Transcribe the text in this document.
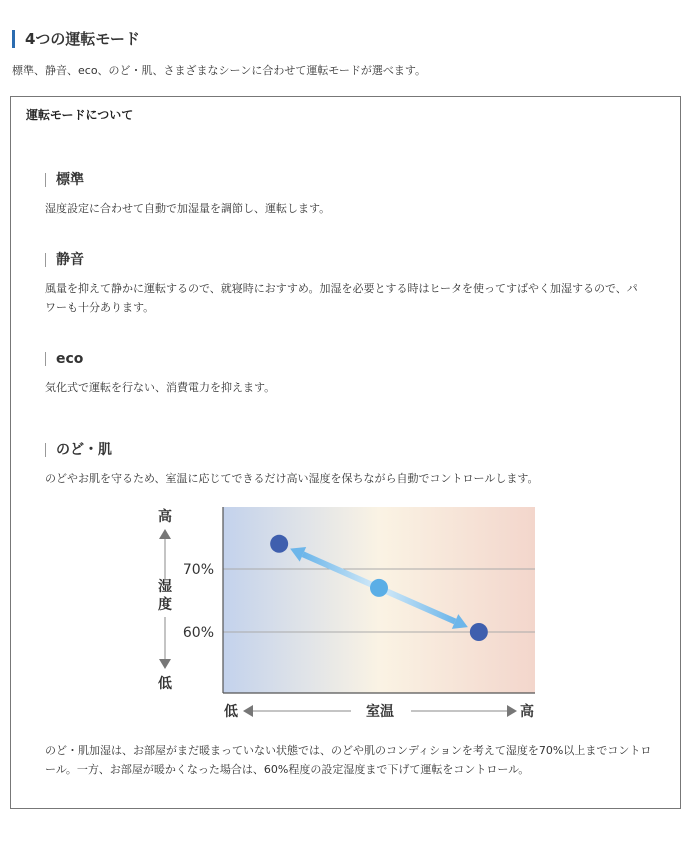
4つの運転モード
標準、静音、eco、のど・肌、さまざまなシーンに合わせて運転モードが選べます。
運転モードについて
標準
湿度設定に合わせて自動で加湿量を調節し、運転します。
静音
風量を抑えて静かに運転するので、就寝時におすすめ。加湿を必要とする時はヒータを使ってすばやく加湿するので、パワーも十分あります。
eco
気化式で運転を行ない、消費電力を抑えます。
のど・肌
のどやお肌を守るため、室温に応じてできるだけ高い湿度を保ちながら自動でコントロールします。
高
湿
度
低
70%
60%
低	室温	高
のど・肌加湿は、お部屋がまだ暖まっていない状態では、のどや肌のコンディションを考えて湿度を70%以上までコントロール。一方、お部屋が暖かくなった場合は、60%程度の設定湿度まで下げて運転をコントロール。
